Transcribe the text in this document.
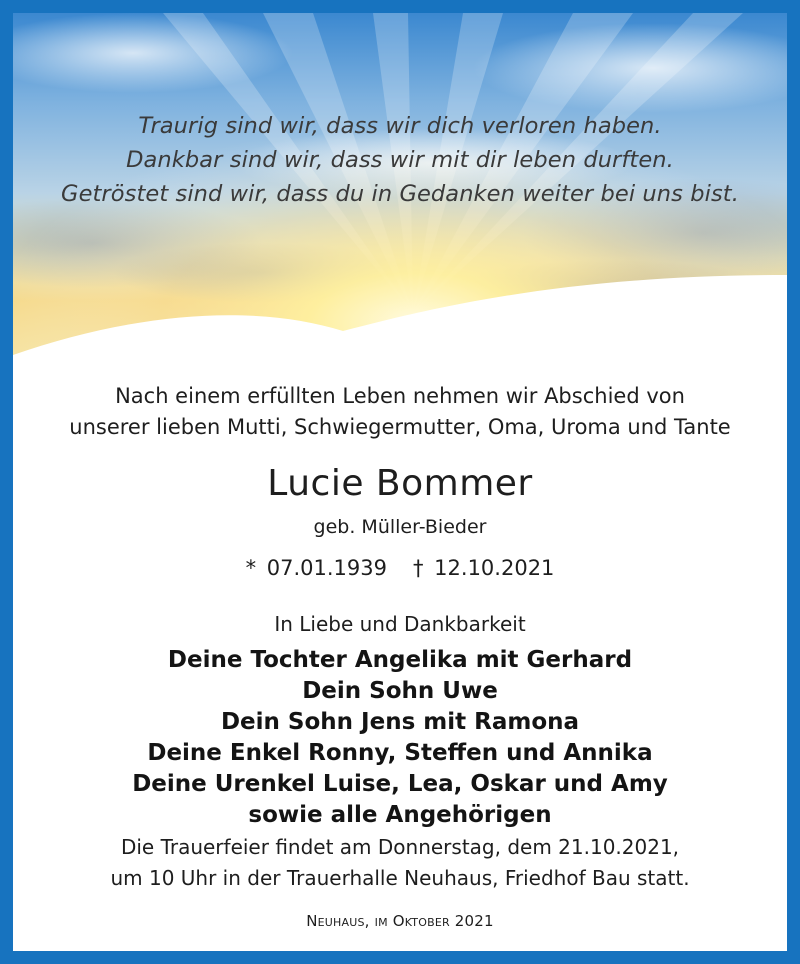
Traurig sind wir, dass wir dich verloren haben.
Dankbar sind wir, dass wir mit dir leben durften.
Getröstet sind wir, dass du in Gedanken weiter bei uns bist.
Nach einem erfüllten Leben nehmen wir Abschied von
unserer lieben Mutti, Schwiegermutter, Oma, Uroma und Tante
Lucie Bommer
geb. Müller-Bieder
* 07.01.1939 † 12.10.2021
In Liebe und Dankbarkeit
Deine Tochter Angelika mit Gerhard
Dein Sohn Uwe
Dein Sohn Jens mit Ramona
Deine Enkel Ronny, Steffen und Annika
Deine Urenkel Luise, Lea, Oskar und Amy
sowie alle Angehörigen
Die Trauerfeier findet am Donnerstag, dem 21.10.2021,
um 10 Uhr in der Trauerhalle Neuhaus, Friedhof Bau statt.
Neuhaus, im Oktober 2021
